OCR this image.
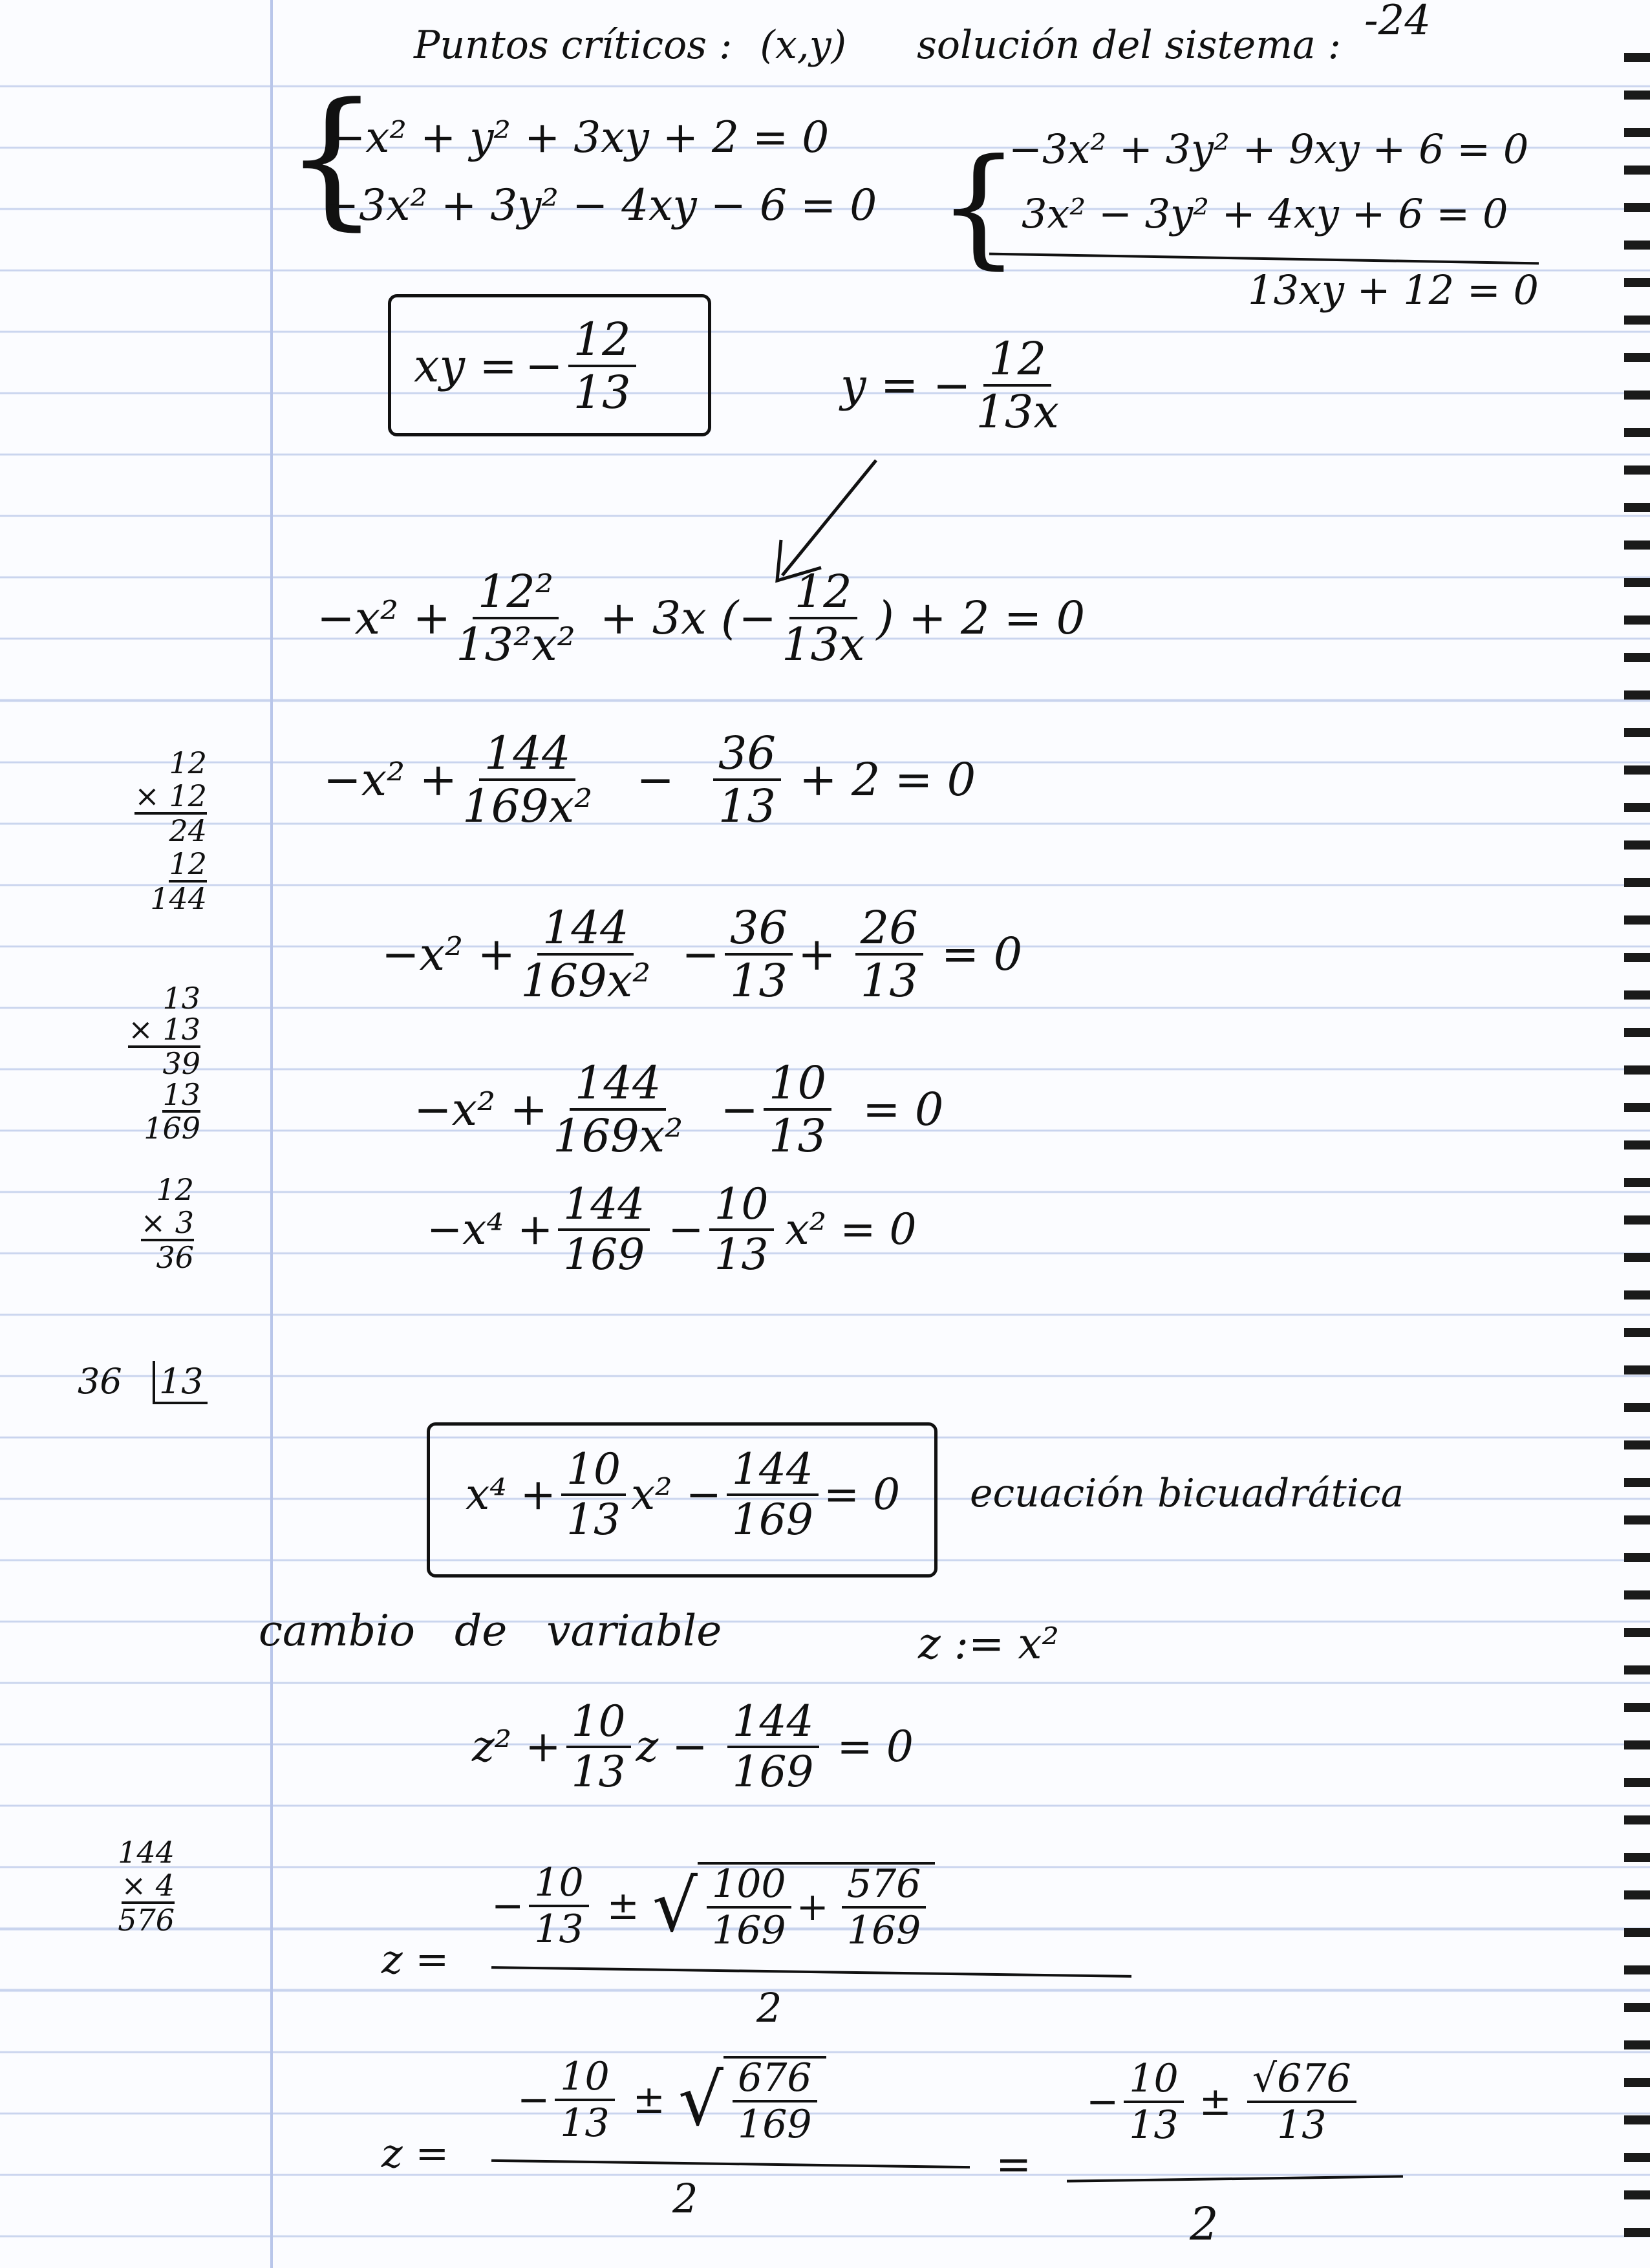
-24
Puntos críticos : (x,y) solución del sistema :
{
−x² + y² + 3xy + 2 = 0
−3x² + 3y² − 4xy − 6 = 0 {
−3x² + 3y² + 9xy + 6 = 0
3x² − 3y² + 4xy + 6 = 0
13xy + 12 = 0
xy = − $\frac{12}{13}$	y = − $\frac{12}{13x}$
$-x^2 + \frac{\text{12²}}{\text{13²x²}} + 3x$ (− $\frac{12}{13x}$ ) + 2 = 0
$-x^2 + \frac{144}{\text{169x²}} - \frac{36}{13} + 2 = 0$
$-x^2 + \frac{144}{\text{169x²}} - \frac{36}{13} + \frac{26}{13} = 0$
$-x^2 + \frac{144}{\text{169x²}} - \frac{10}{13} = 0$
$-x^4 + \frac{144}{169} - \frac{10}{13} x^2 = 0$
12
× 12
24
12
144
13
× 13
39
13
169
12
× 3
36
36 13
144
× 4
576
$x^4 + \frac{10}{13} x^2 - \frac{144}{169} = 0$ ecuación bicuadrática
cambio de variable	z := x²
$z^2 + \frac{10}{13}$ $z - \frac{144}{169} = 0$
z =
− $\frac{10}{13}$ ± √ $\frac{100}{169} + \frac{576}{169}$
2
z =
− $\frac{10}{13}$ ± √ $\frac{676}{169}$
2
=
− $\frac{10}{13} \pm \frac{√676}{13}$
2
